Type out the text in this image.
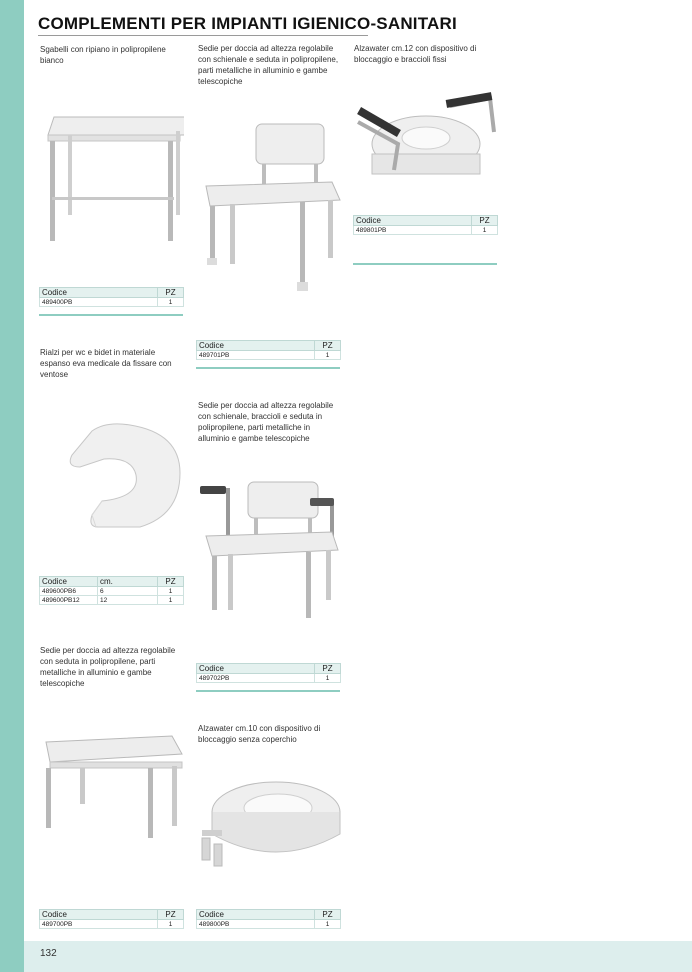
132
COMPLEMENTI PER IMPIANTI IGIENICO-SANITARI
Sgabelli con ripiano in polipropilene bianco
Codice	PZ
489400PB	1
Sedie per doccia ad altezza regolabile con schienale e seduta in polipropilene, parti metalliche in alluminio e gambe telescopiche
Codice	PZ
489701PB	1
Alzawater cm.12 con dispositivo di bloccaggio e braccioli fissi
Codice	PZ
489801PB	1
Rialzi per wc e bidet in materiale espanso eva medicale da fissare con ventose
Codice	cm.	PZ
489600PB6	6	1
489600PB12	12	1
Sedie per doccia ad altezza regolabile con schienale, braccioli e seduta in polipropilene, parti metalliche in alluminio e gambe telescopiche
Codice	PZ
489702PB	1
Sedie per doccia ad altezza regolabile con seduta in polipropilene, parti metalliche in alluminio e gambe telescopiche
Codice	PZ
489700PB	1
Alzawater cm.10 con dispositivo di bloccaggio senza coperchio
Codice	PZ
489800PB	1
